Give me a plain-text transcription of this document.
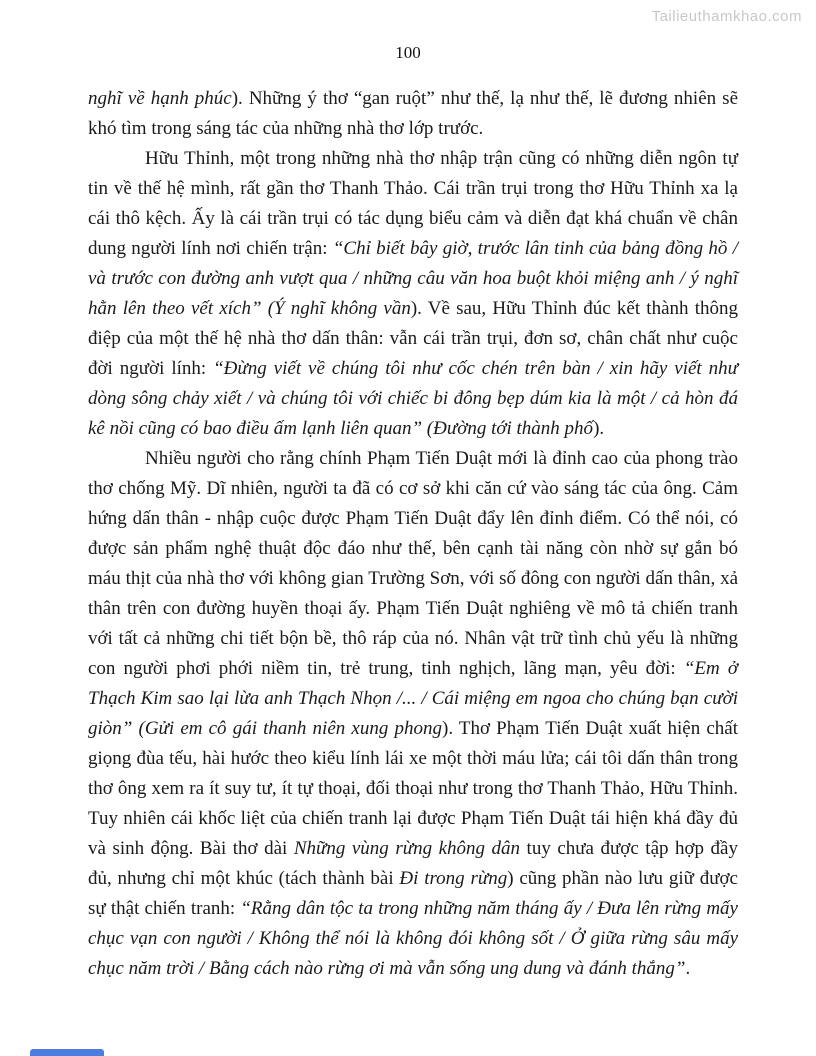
Tailieuthamkhao.com
100

nghĩ về hạnh phúc). Những ý thơ “gan ruột” như thế, lạ như thế, lẽ đương nhiên sẽ khó tìm trong sáng tác của những nhà thơ lớp trước.

Hữu Thỉnh, một trong những nhà thơ nhập trận cũng có những diễn ngôn tự tin về thế hệ mình, rất gần thơ Thanh Thảo. Cái trần trụi trong thơ Hữu Thỉnh xa lạ cái thô kệch. Ấy là cái trần trụi có tác dụng biểu cảm và diễn đạt khá chuẩn về chân dung người lính nơi chiến trận: “Chỉ biết bây giờ, trước lân tinh của bảng đồng hồ / và trước con đường anh vượt qua / những câu văn hoa buột khỏi miệng anh / ý nghĩ hằn lên theo vết xích” (Ý nghĩ không vần). Về sau, Hữu Thỉnh đúc kết thành thông điệp của một thế hệ nhà thơ dấn thân: vẫn cái trần trụi, đơn sơ, chân chất như cuộc đời người lính: “Đừng viết về chúng tôi như cốc chén trên bàn / xin hãy viết như dòng sông chảy xiết / và chúng tôi với chiếc bi đông bẹp dúm kia là một / cả hòn đá kê nồi cũng có bao điều ấm lạnh liên quan” (Đường tới thành phố).

Nhiều người cho rằng chính Phạm Tiến Duật mới là đỉnh cao của phong trào thơ chống Mỹ. Dĩ nhiên, người ta đã có cơ sở khi căn cứ vào sáng tác của ông. Cảm hứng dấn thân - nhập cuộc được Phạm Tiến Duật đẩy lên đỉnh điểm. Có thể nói, có được sản phẩm nghệ thuật độc đáo như thế, bên cạnh tài năng còn nhờ sự gắn bó máu thịt của nhà thơ với không gian Trường Sơn, với số đông con người dấn thân, xả thân trên con đường huyền thoại ấy. Phạm Tiến Duật nghiêng về mô tả chiến tranh với tất cả những chi tiết bộn bề, thô ráp của nó. Nhân vật trữ tình chủ yếu là những con người phơi phới niềm tin, trẻ trung, tinh nghịch, lãng mạn, yêu đời: “Em ở Thạch Kim sao lại lừa anh Thạch Nhọn /... / Cái miệng em ngoa cho chúng bạn cười giòn” (Gửi em cô gái thanh niên xung phong). Thơ Phạm Tiến Duật xuất hiện chất giọng đùa tếu, hài hước theo kiểu lính lái xe một thời máu lửa; cái tôi dấn thân trong thơ ông xem ra ít suy tư, ít tự thoại, đối thoại như trong thơ Thanh Thảo, Hữu Thỉnh. Tuy nhiên cái khốc liệt của chiến tranh lại được Phạm Tiến Duật tái hiện khá đầy đủ và sinh động. Bài thơ dài Những vùng rừng không dân tuy chưa được tập hợp đầy đủ, nhưng chỉ một khúc (tách thành bài Đi trong rừng) cũng phần nào lưu giữ được sự thật chiến tranh: “Rằng dân tộc ta trong những năm tháng ấy / Đưa lên rừng mấy chục vạn con người / Không thể nói là không đói không sốt / Ở giữa rừng sâu mấy chục năm trời / Bằng cách nào rừng ơi mà vẫn sống ung dung và đánh thắng”.
